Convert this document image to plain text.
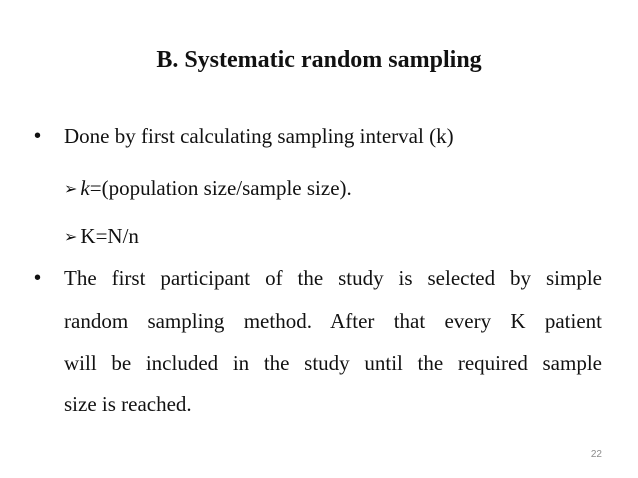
B. Systematic random sampling
• Done by first calculating sampling interval (k)
➢ k=(population size/sample size).
➢ K=N/n
• The first participant of the study is selected by simple
random sampling method. After that every K patient
will be included in the study until the required sample
size is reached.
22
